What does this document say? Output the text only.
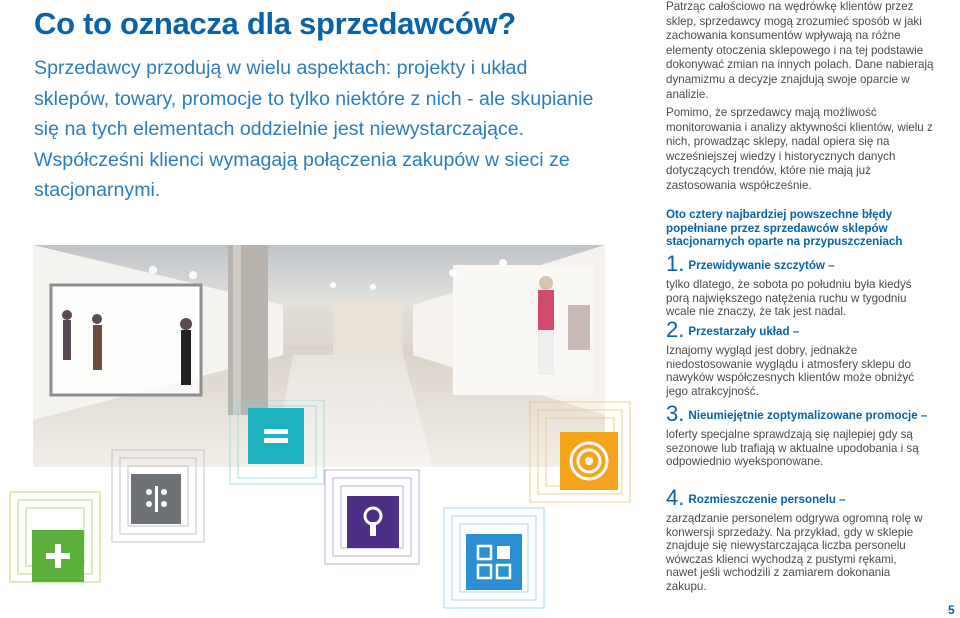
Co to oznacza dla sprzedawców?
Sprzedawcy przodują w wielu aspektach: projekty i układ sklepów, towary, promocje to tylko niektóre z nich - ale skupianie się na tych elementach oddzielnie jest niewystarczające. Współcześni klienci wymagają połączenia zakupów w sieci ze stacjonarnymi.
Patrząc całościowo na wędrówkę klientów przez sklep, sprzedawcy mogą zrozumieć sposób w jaki zachowania konsumentów wpływają na różne elementy otoczenia sklepowego i na tej podstawie dokonywać zmian na innych polach. Dane nabierają dynamizmu a decyzje znajdują swoje oparcie w analizie.
Pomimo, że sprzedawcy mają możliwość monitorowania i analizy aktywności klientów, wielu z nich, prowadząc sklepy, nadal opiera się na wcześniejszej wiedzy i historycznych danych dotyczących trendów, które nie mają już zastosowania współcześnie.
Oto cztery najbardziej powszechne błędy popełniane przez sprzedawców sklepów stacjonarnych oparte na przypuszczeniach
1. Przewidywanie szczytów –
tylko dlatego, że sobota po południu była kiedyś porą największego natężenia ruchu w tygodniu wcale nie znaczy, że tak jest nadal.
2. Przestarzały układ –
Iznajomy wygląd jest dobry, jednakże niedostosowanie wyglądu i atmosfery sklepu do nawyków współczesnych klientów może obniżyć jego atrakcyjność.
3. Nieumiejętnie zoptymalizowane promocje –
loferty specjalne sprawdzają się najlepiej gdy są sezonowe lub trafiają w aktualne upodobania i są odpowiednio wyeksponowane.
4. Rozmieszczenie personelu –
zarządzanie personelem odgrywa ogromną rolę w konwersji sprzedaży. Na przykład, gdy w sklepie znajduje się niewystarczająca liczba personelu wówczas klienci wychodzą z pustymi rękami, nawet jeśli wchodzili z zamiarem dokonania zakupu.
5
